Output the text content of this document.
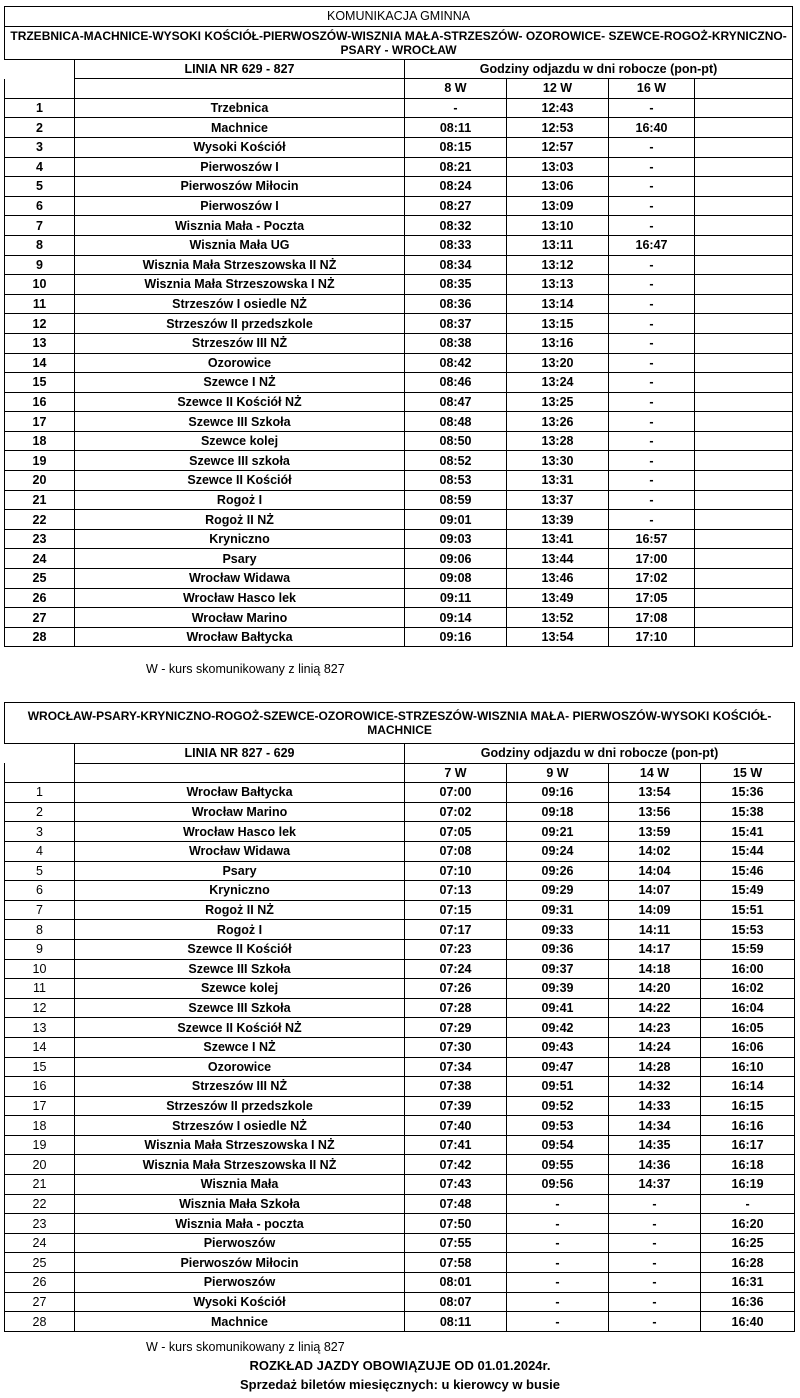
KOMUNIKACJA GMINNA					
TRZEBNICA-MACHNICE-WYSOKI KOŚCIÓŁ-PIERWOSZÓW-WISZNIA MAŁA-STRZESZÓW- OZOROWICE- SZEWCE-ROGOŻ-KRYNICZNO-PSARY - WROCŁAW					
	LINIA NR 629 - 827	Godziny odjazdu w dni robocze (pon-pt)			
		8 W	12 W	16 W	
1	Trzebnica	-	12:43	-	
2	Machnice	08:11	12:53	16:40	
3	Wysoki Kościół	08:15	12:57	-	
4	Pierwoszów I	08:21	13:03	-	
5	Pierwoszów Miłocin	08:24	13:06	-	
6	Pierwoszów I	08:27	13:09	-	
7	Wisznia Mała - Poczta	08:32	13:10	-	
8	Wisznia Mała UG	08:33	13:11	16:47	
9	Wisznia Mała Strzeszowska II NŻ	08:34	13:12	-	
10	Wisznia Mała Strzeszowska I NŻ	08:35	13:13	-	
11	Strzeszów I osiedle NŻ	08:36	13:14	-	
12	Strzeszów II przedszkole	08:37	13:15	-	
13	Strzeszów III NŻ	08:38	13:16	-	
14	Ozorowice	08:42	13:20	-	
15	Szewce I NŻ	08:46	13:24	-	
16	Szewce II Kościół NŻ	08:47	13:25	-	
17	Szewce III Szkoła	08:48	13:26	-	
18	Szewce kolej	08:50	13:28	-	
19	Szewce III szkoła	08:52	13:30	-	
20	Szewce II Kościół	08:53	13:31	-	
21	Rogoż I	08:59	13:37	-	
22	Rogoż II NŻ	09:01	13:39	-	
23	Kryniczno	09:03	13:41	16:57	
24	Psary	09:06	13:44	17:00	
25	Wrocław Widawa	09:08	13:46	17:02	
26	Wrocław Hasco lek	09:11	13:49	17:05	
27	Wrocław Marino	09:14	13:52	17:08	
28	Wrocław Bałtycka	09:16	13:54	17:10	
W - kurs skomunikowany z linią 827
WROCŁAW-PSARY-KRYNICZNO-ROGOŻ-SZEWCE-OZOROWICE-STRZESZÓW-WISZNIA MAŁA- PIERWOSZÓW-WYSOKI KOŚCIÓŁ-MACHNICE					
	LINIA NR 827 - 629	Godziny odjazdu w dni robocze (pon-pt)			
		7 W	9 W	14 W	15 W
1	Wrocław Bałtycka	07:00	09:16	13:54	15:36
2	Wrocław Marino	07:02	09:18	13:56	15:38
3	Wrocław Hasco lek	07:05	09:21	13:59	15:41
4	Wrocław Widawa	07:08	09:24	14:02	15:44
5	Psary	07:10	09:26	14:04	15:46
6	Kryniczno	07:13	09:29	14:07	15:49
7	Rogoż II NŻ	07:15	09:31	14:09	15:51
8	Rogoż I	07:17	09:33	14:11	15:53
9	Szewce II Kościół	07:23	09:36	14:17	15:59
10	Szewce III Szkoła	07:24	09:37	14:18	16:00
11	Szewce kolej	07:26	09:39	14:20	16:02
12	Szewce III Szkoła	07:28	09:41	14:22	16:04
13	Szewce II Kościół NŻ	07:29	09:42	14:23	16:05
14	Szewce I NŻ	07:30	09:43	14:24	16:06
15	Ozorowice	07:34	09:47	14:28	16:10
16	Strzeszów III NŻ	07:38	09:51	14:32	16:14
17	Strzeszów II przedszkole	07:39	09:52	14:33	16:15
18	Strzeszów I osiedle NŻ	07:40	09:53	14:34	16:16
19	Wisznia Mała Strzeszowska I NŻ	07:41	09:54	14:35	16:17
20	Wisznia Mała Strzeszowska II NŻ	07:42	09:55	14:36	16:18
21	Wisznia Mała	07:43	09:56	14:37	16:19
22	Wisznia Mała Szkoła	07:48	-	-	-
23	Wisznia Mała - poczta	07:50	-	-	16:20
24	Pierwoszów	07:55	-	-	16:25
25	Pierwoszów Miłocin	07:58	-	-	16:28
26	Pierwoszów	08:01	-	-	16:31
27	Wysoki Kościół	08:07	-	-	16:36
28	Machnice	08:11	-	-	16:40
W - kurs skomunikowany z linią 827
ROZKŁAD JAZDY OBOWIĄZUJE OD 01.01.2024r.
Sprzedaż biletów miesięcznych: u kierowcy w busie
